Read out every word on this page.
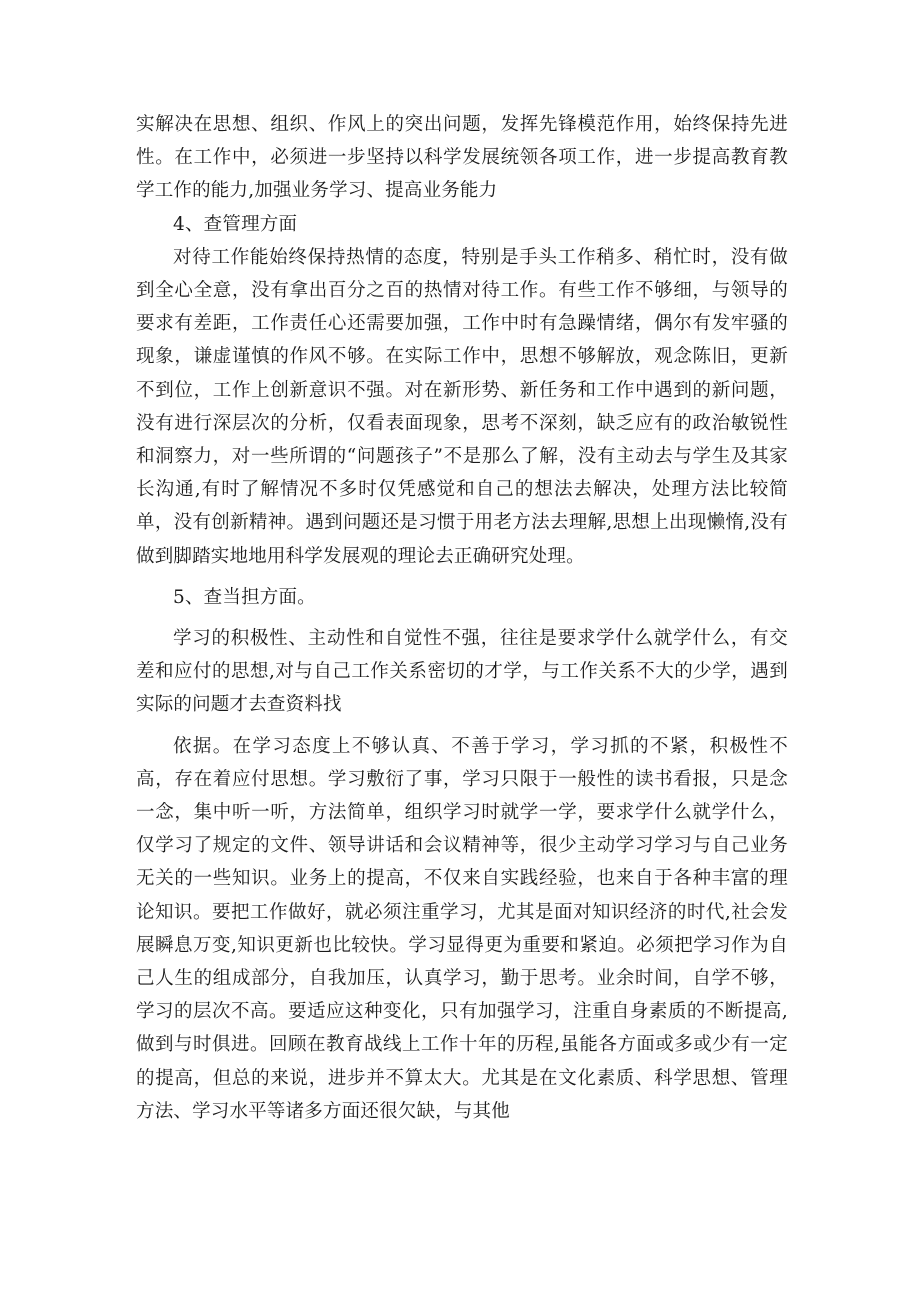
实解决在思想、组织、作风上的突出问题，发挥先锋模范作用，始终保持先进性。在工作中，必须进一步坚持以科学发展统领各项工作，进一步提高教育教学工作的能力,加强业务学习、提高业务能力

4、查管理方面

对待工作能始终保持热情的态度，特别是手头工作稍多、稍忙时，没有做到全心全意，没有拿出百分之百的热情对待工作。有些工作不够细，与领导的要求有差距，工作责任心还需要加强，工作中时有急躁情绪，偶尔有发牢骚的现象，谦虚谨慎的作风不够。在实际工作中，思想不够解放，观念陈旧，更新不到位，工作上创新意识不强。对在新形势、新任务和工作中遇到的新问题，没有进行深层次的分析，仅看表面现象，思考不深刻，缺乏应有的政治敏锐性和洞察力，对一些所谓的“问题孩子”不是那么了解，没有主动去与学生及其家长沟通,有时了解情况不多时仅凭感觉和自己的想法去解决，处理方法比较简单，没有创新精神。遇到问题还是习惯于用老方法去理解,思想上出现懒惰,没有做到脚踏实地地用科学发展观的理论去正确研究处理。

5、查当担方面。

学习的积极性、主动性和自觉性不强，往往是要求学什么就学什么，有交差和应付的思想,对与自己工作关系密切的才学，与工作关系不大的少学，遇到实际的问题才去查资料找

依据。在学习态度上不够认真、不善于学习，学习抓的不紧，积极性不高，存在着应付思想。学习敷衍了事，学习只限于一般性的读书看报，只是念一念，集中听一听，方法简单，组织学习时就学一学，要求学什么就学什么，仅学习了规定的文件、领导讲话和会议精神等，很少主动学习学习与自己业务无关的一些知识。业务上的提高，不仅来自实践经验，也来自于各种丰富的理论知识。要把工作做好，就必须注重学习，尤其是面对知识经济的时代,社会发展瞬息万变,知识更新也比较快。学习显得更为重要和紧迫。必须把学习作为自己人生的组成部分，自我加压，认真学习，勤于思考。业余时间，自学不够，学习的层次不高。要适应这种变化，只有加强学习，注重自身素质的不断提高,做到与时俱进。回顾在教育战线上工作十年的历程,虽能各方面或多或少有一定的提高，但总的来说，进步并不算太大。尤其是在文化素质、科学思想、管理方法、学习水平等诸多方面还很欠缺，与其他
